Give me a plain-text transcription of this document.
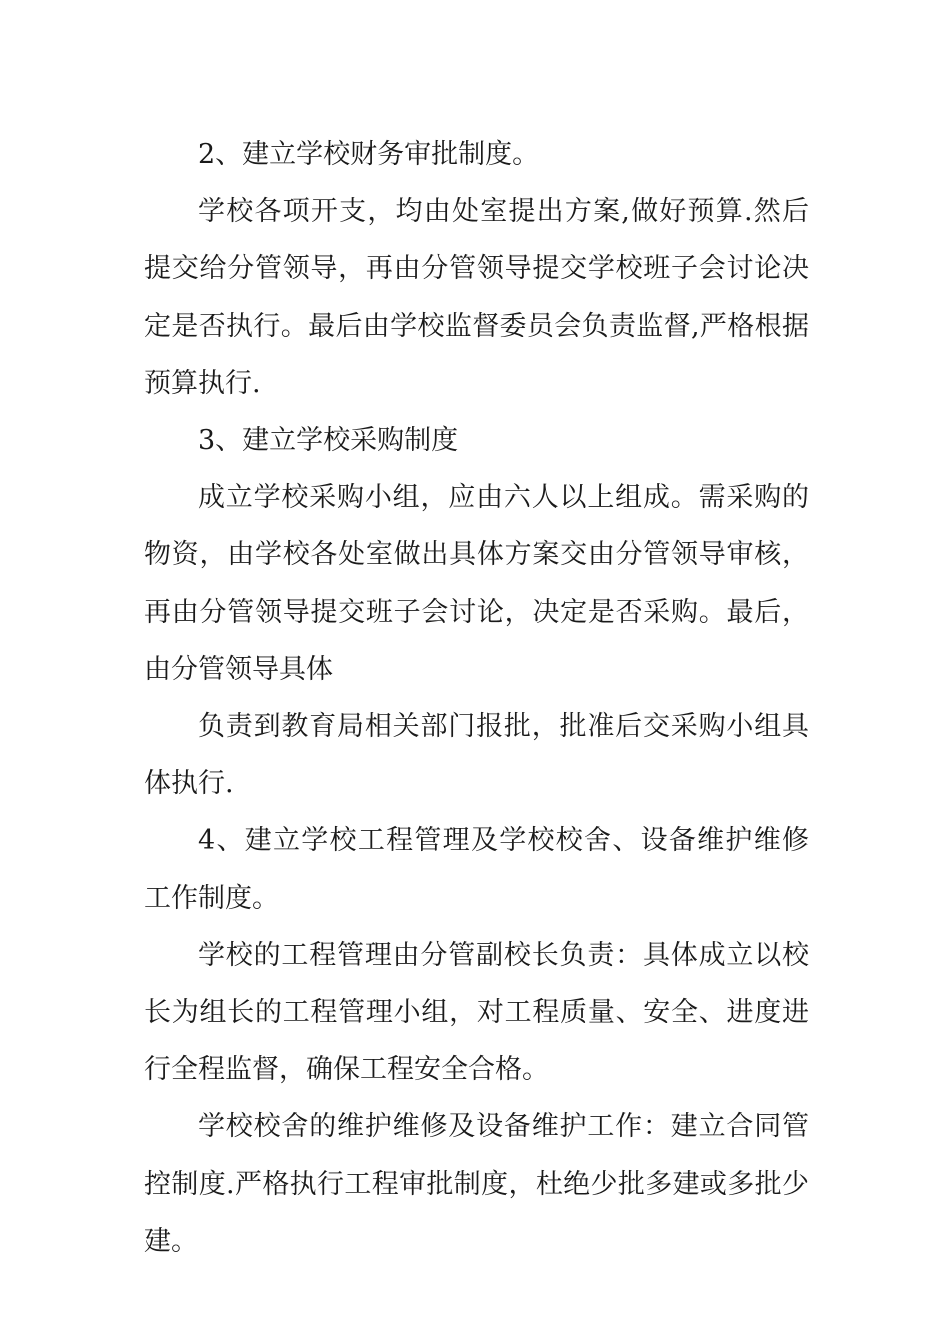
2、建立学校财务审批制度。

学校各项开支，均由处室提出方案,做好预算.然后提交给分管领导，再由分管领导提交学校班子会讨论决定是否执行。最后由学校监督委员会负责监督,严格根据预算执行.

3、建立学校采购制度

成立学校采购小组，应由六人以上组成。需采购的物资，由学校各处室做出具体方案交由分管领导审核，再由分管领导提交班子会讨论，决定是否采购。最后，由分管领导具体

负责到教育局相关部门报批，批准后交采购小组具体执行.

4、建立学校工程管理及学校校舍、设备维护维修工作制度。

学校的工程管理由分管副校长负责：具体成立以校长为组长的工程管理小组，对工程质量、安全、进度进行全程监督，确保工程安全合格。

学校校舍的维护维修及设备维护工作：建立合同管控制度.严格执行工程审批制度，杜绝少批多建或多批少建。
